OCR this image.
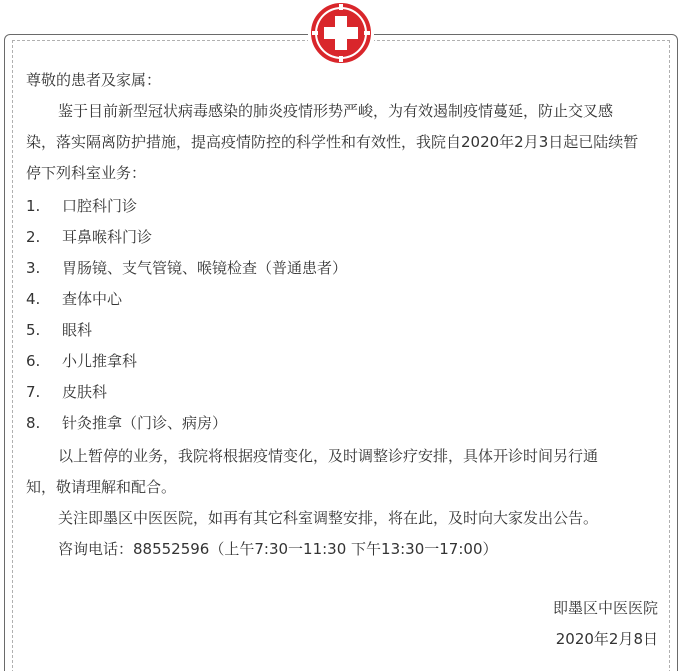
尊敬的患者及家属：
鉴于目前新型冠状病毒感染的肺炎疫情形势严峻，为有效遏制疫情蔓延，防止交叉感
染，落实隔离防护措施，提高疫情防控的科学性和有效性，我院自2020年2月3日起已陆续暂
停下列科室业务：
1. 口腔科门诊
2. 耳鼻喉科门诊
3. 胃肠镜、支气管镜、喉镜检查（普通患者）
4. 查体中心
5. 眼科
6. 小儿推拿科
7. 皮肤科
8. 针灸推拿（门诊、病房）
以上暂停的业务，我院将根据疫情变化，及时调整诊疗安排，具体开诊时间另行通
知，敬请理解和配合。
关注即墨区中医医院，如再有其它科室调整安排，将在此，及时向大家发出公告。
咨询电话：88552596（上午7:30一11:30 下午13:30一17:00）
即墨区中医医院
2020年2月8日
